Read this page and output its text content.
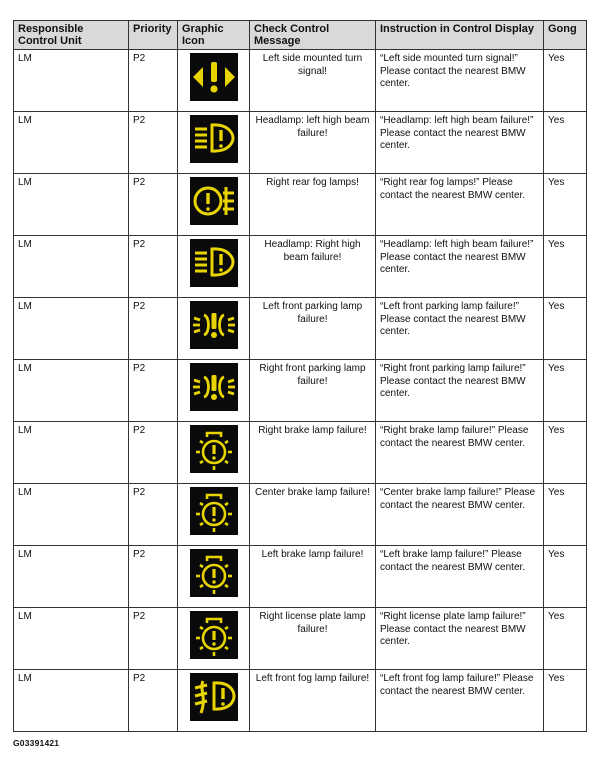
Responsible Control Unit	Priority	Graphic Icon	Check Control Message	Instruction in Control Display	Gong
LM	P2		Left side mounted turn signal!	“Left side mounted turn signal!” Please contact the nearest BMW center.	Yes
LM	P2		Headlamp: left high beam failure!	“Headlamp: left high beam failure!” Please contact the nearest BMW center.	Yes
LM	P2		Right rear fog lamps!	“Right rear fog lamps!” Please contact the nearest BMW center.	Yes
LM	P2		Headlamp: Right high beam failure!	“Headlamp: left high beam failure!” Please contact the nearest BMW center.	Yes
LM	P2		Left front parking lamp failure!	“Left front parking lamp failure!” Please contact the nearest BMW center.	Yes
LM	P2		Right front parking lamp failure!	“Right front parking lamp failure!” Please contact the nearest BMW center.	Yes
LM	P2		Right brake lamp failure!	“Right brake lamp failure!” Please contact the nearest BMW center.	Yes
LM	P2		Center brake lamp failure!	“Center brake lamp failure!” Please contact the nearest BMW center.	Yes
LM	P2		Left brake lamp failure!	“Left brake lamp failure!” Please contact the nearest BMW center.	Yes
LM	P2		Right license plate lamp failure!	“Right license plate lamp failure!” Please contact the nearest BMW center.	Yes
LM	P2		Left front fog lamp failure!	“Left front fog lamp failure!” Please contact the nearest BMW center.	Yes
G03391421
